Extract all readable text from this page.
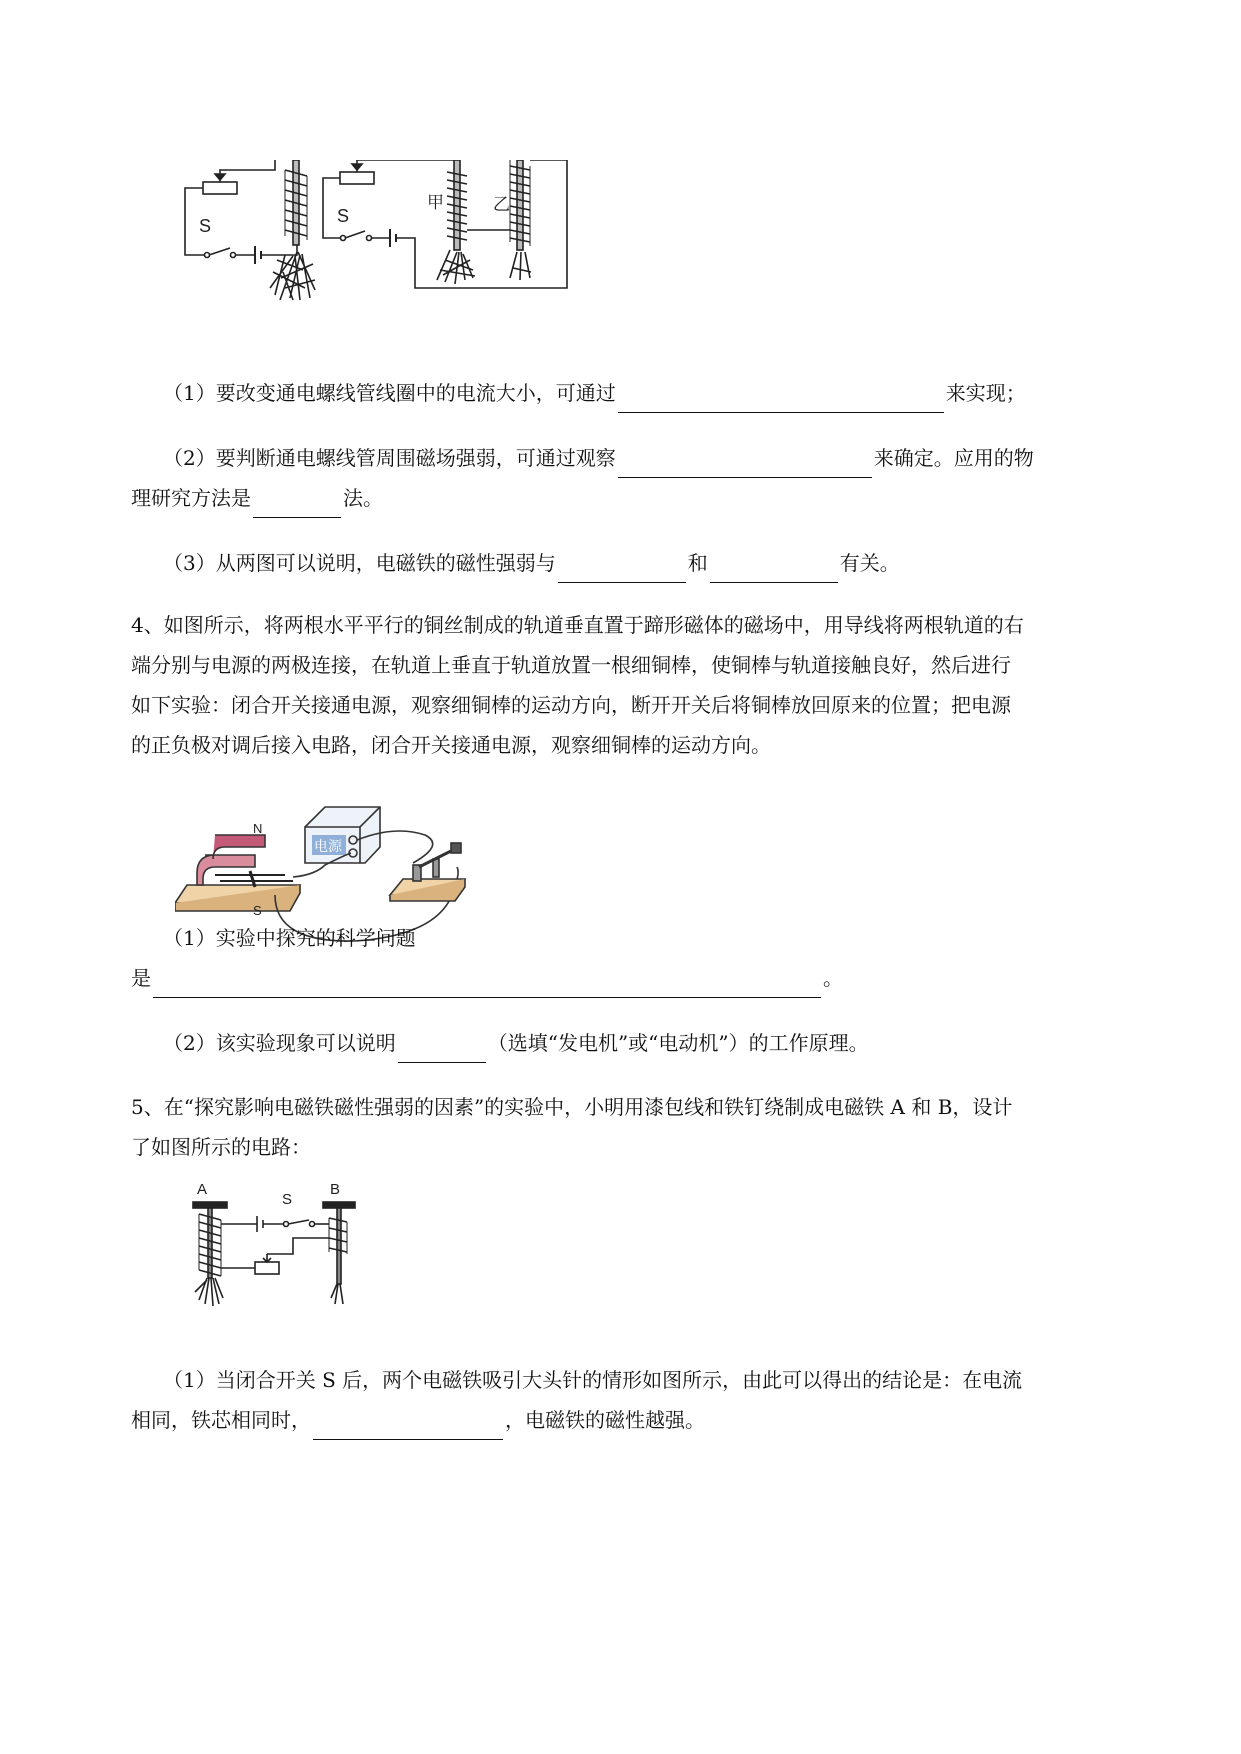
S	S
甲	乙
（1）要改变通电螺线管线圈中的电流大小，可通过	来实现；
（2）要判断通电螺线管周围磁场强弱，可通过观察	来确定。应用的物
理研究方法是	法。
（3）从两图可以说明，电磁铁的磁性强弱与	和	有关。
4、如图所示，将两根水平平行的铜丝制成的轨道垂直置于蹄形磁体的磁场中，用导线将两根轨道的右
端分别与电源的两极连接，在轨道上垂直于轨道放置一根细铜棒，使铜棒与轨道接触良好，然后进行
如下实验：闭合开关接通电源，观察细铜棒的运动方向，断开开关后将铜棒放回原来的位置；把电源
的正负极对调后接入电路，闭合开关接通电源，观察细铜棒的运动方向。
N
S
电源
（1）实验中探究的科学问题
是	。
（2）该实验现象可以说明	（选填“发电机”或“电动机”）的工作原理。
5、在“探究影响电磁铁磁性强弱的因素”的实验中，小明用漆包线和铁钉绕制成电磁铁 A 和 B，设计
了如图所示的电路：
A	B
S
（1）当闭合开关 S 后，两个电磁铁吸引大头针的情形如图所示，由此可以得出的结论是：在电流
相同，铁芯相同时，	，电磁铁的磁性越强。
